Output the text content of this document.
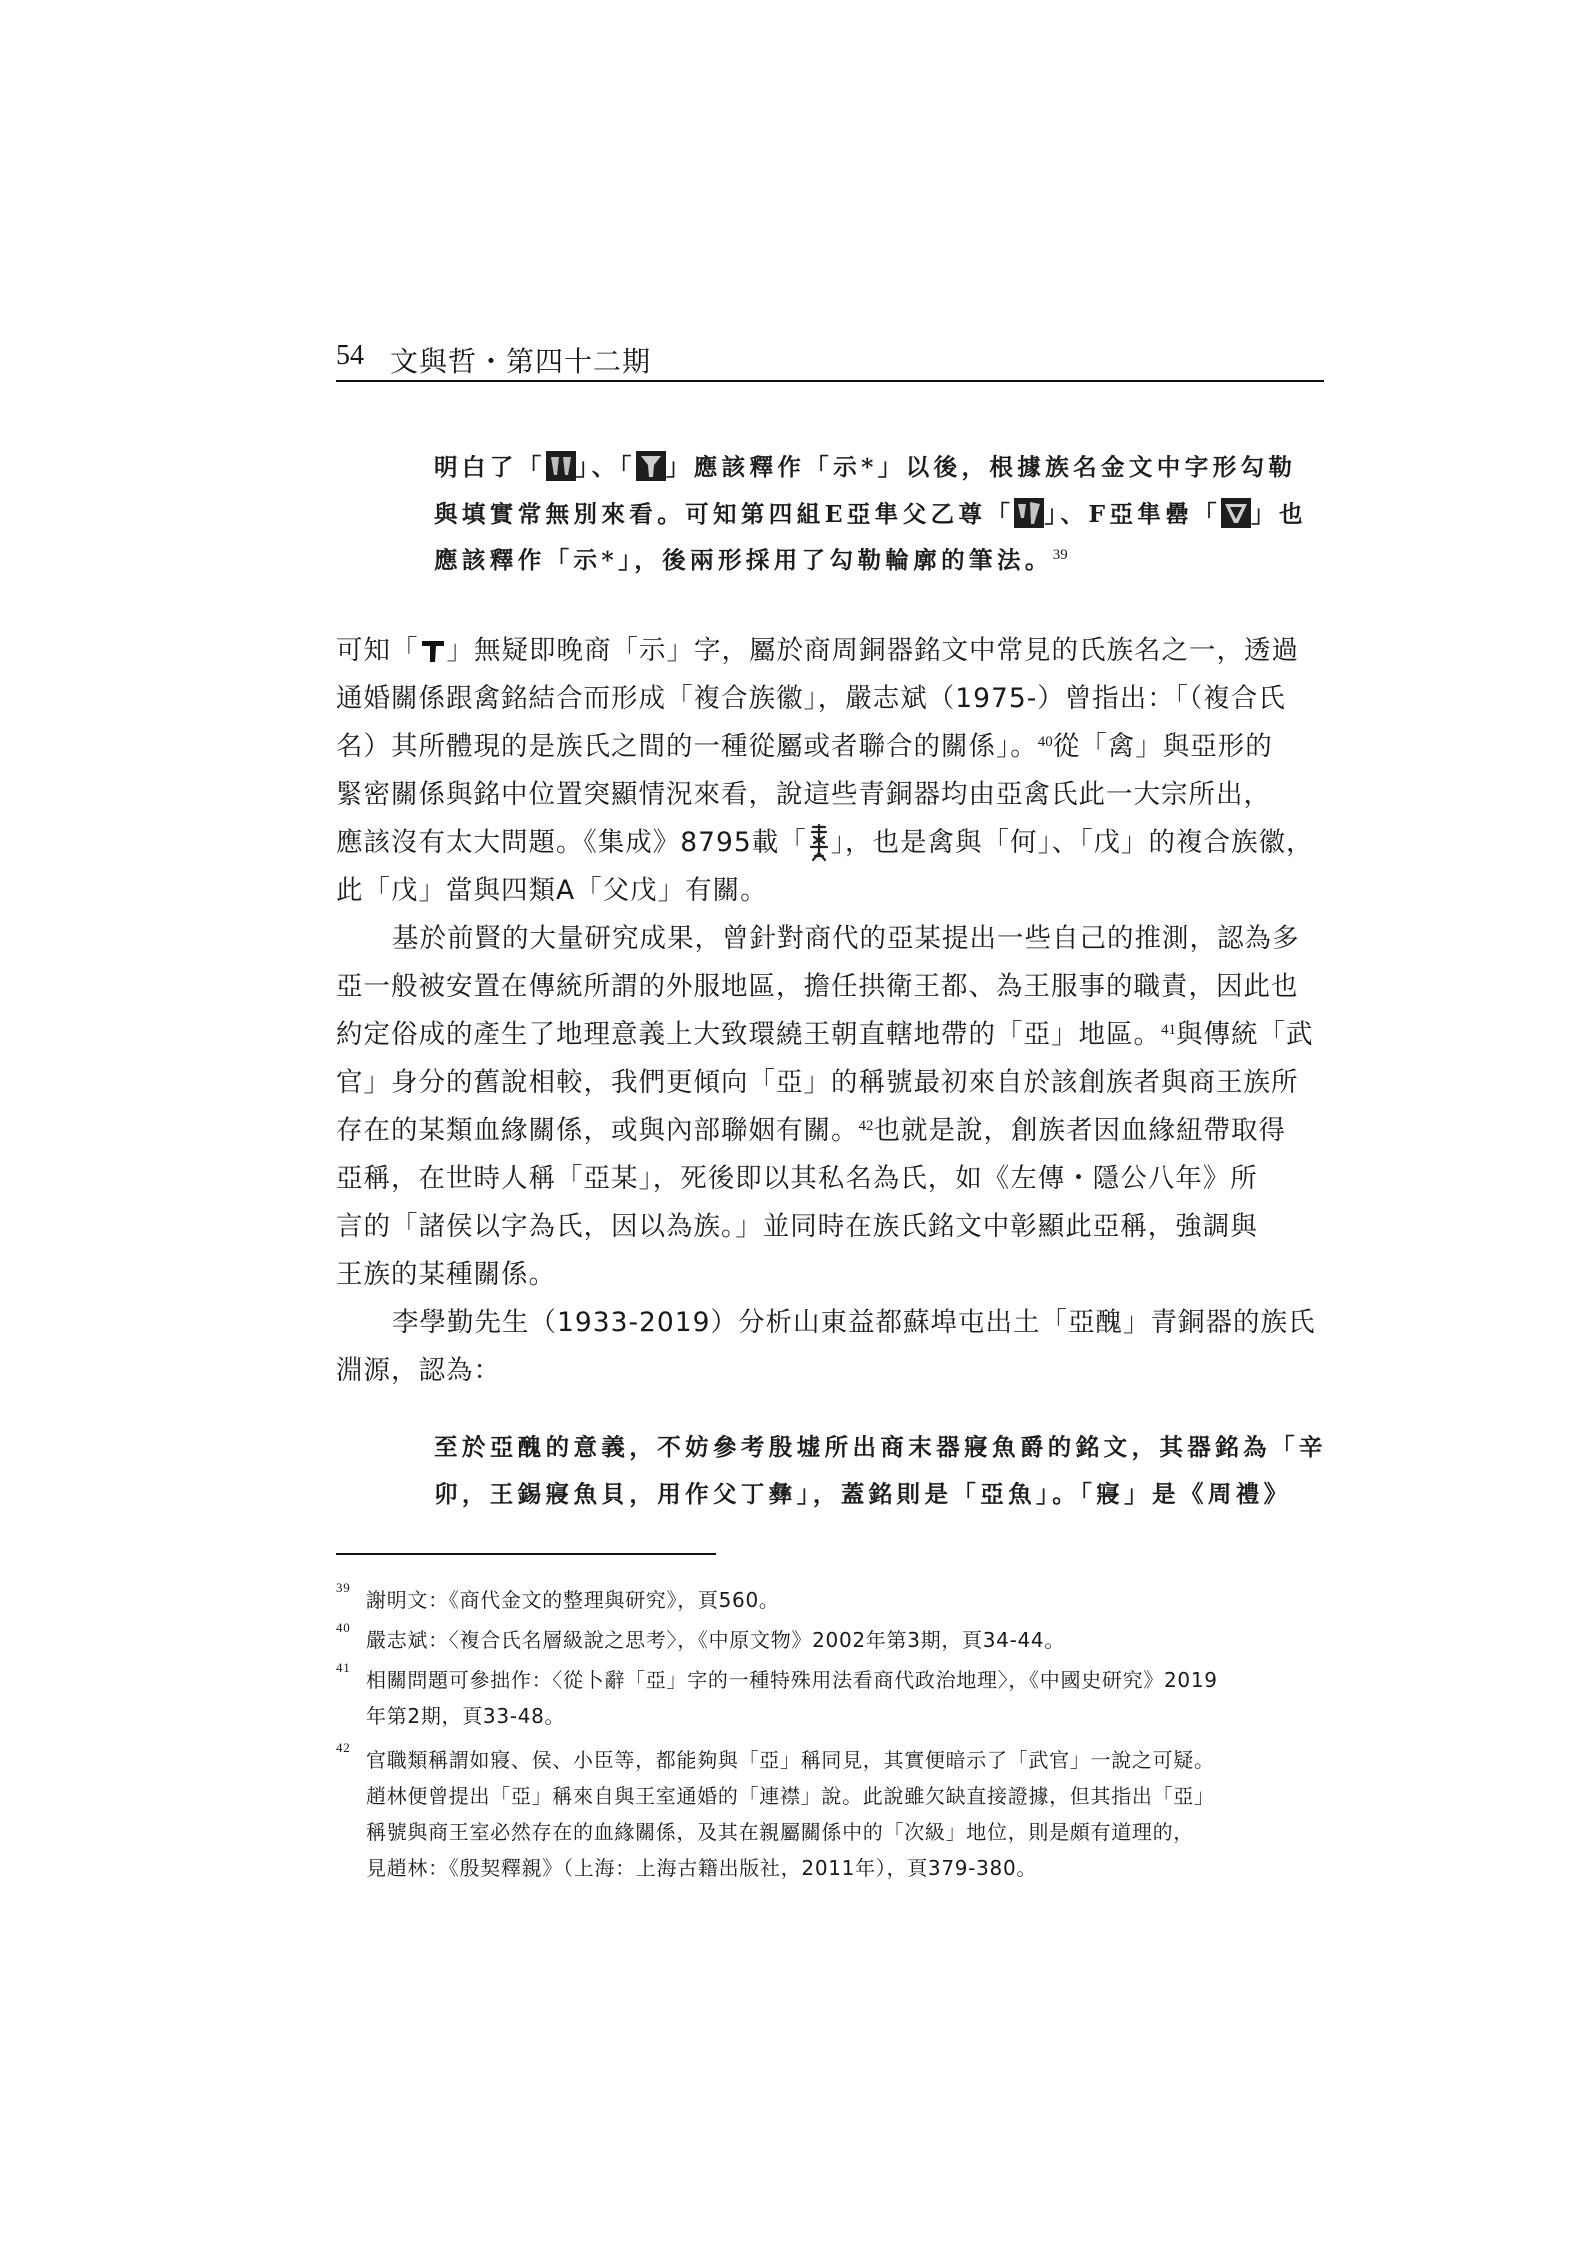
54 文與哲・第四十二期
明白了「 」、「 」應該釋作「示*」以後，根據族名金文中字形勾勒
與填實常無別來看。可知第四組E亞隼父乙尊「 」、F亞隼罍「 」也
應該釋作「示*」，後兩形採用了勾勒輪廓的筆法。$^{39}$
可知「 」無疑即晚商「示」字，屬於商周銅器銘文中常見的氏族名之一，透過
通婚關係跟禽銘結合而形成「複合族徽」，嚴志斌（1975-）曾指出：「（複合氏
名）其所體現的是族氏之間的一種從屬或者聯合的關係」。$^{40}$從「禽」與亞形的
緊密關係與銘中位置突顯情況來看，說這些青銅器均由亞禽氏此一大宗所出，
應該沒有太大問題。《集成》8795載「 」，也是禽與「何」、「戊」的複合族徽，
此「戊」當與四類A「父戊」有關。
基於前賢的大量研究成果，曾針對商代的亞某提出一些自己的推測，認為多
亞一般被安置在傳統所謂的外服地區，擔任拱衛王都、為王服事的職責，因此也
約定俗成的產生了地理意義上大致環繞王朝直轄地帶的「亞」地區。$^{41}$與傳統「武
官」身分的舊說相較，我們更傾向「亞」的稱號最初來自於該創族者與商王族所
存在的某類血緣關係，或與內部聯姻有關。$^{42}$也就是說，創族者因血緣紐帶取得
亞稱，在世時人稱「亞某」，死後即以其私名為氏，如《左傳・隱公八年》所
言的「諸侯以字為氏，因以為族。」並同時在族氏銘文中彰顯此亞稱，強調與
王族的某種關係。
李學勤先生（1933-2019）分析山東益都蘇埠屯出土「亞醜」青銅器的族氏
淵源，認為：
至於亞醜的意義，不妨參考殷墟所出商末器寢魚爵的銘文，其器銘為「辛
卯，王錫寢魚貝，用作父丁彝」，蓋銘則是「亞魚」。「寢」是《周禮》
39
謝明文：《商代金文的整理與研究》，頁560。
40
嚴志斌：〈複合氏名層級說之思考〉，《中原文物》2002年第3期，頁34-44。
41
相關問題可參拙作：〈從卜辭「亞」字的一種特殊用法看商代政治地理〉，《中國史研究》2019
年第2期，頁33-48。
42
官職類稱謂如寢、侯、小臣等，都能夠與「亞」稱同見，其實便暗示了「武官」一說之可疑。
趙林便曾提出「亞」稱來自與王室通婚的「連襟」說。此說雖欠缺直接證據，但其指出「亞」
稱號與商王室必然存在的血緣關係，及其在親屬關係中的「次級」地位，則是頗有道理的，
見趙林：《殷契釋親》（上海：上海古籍出版社，2011年），頁379-380。
